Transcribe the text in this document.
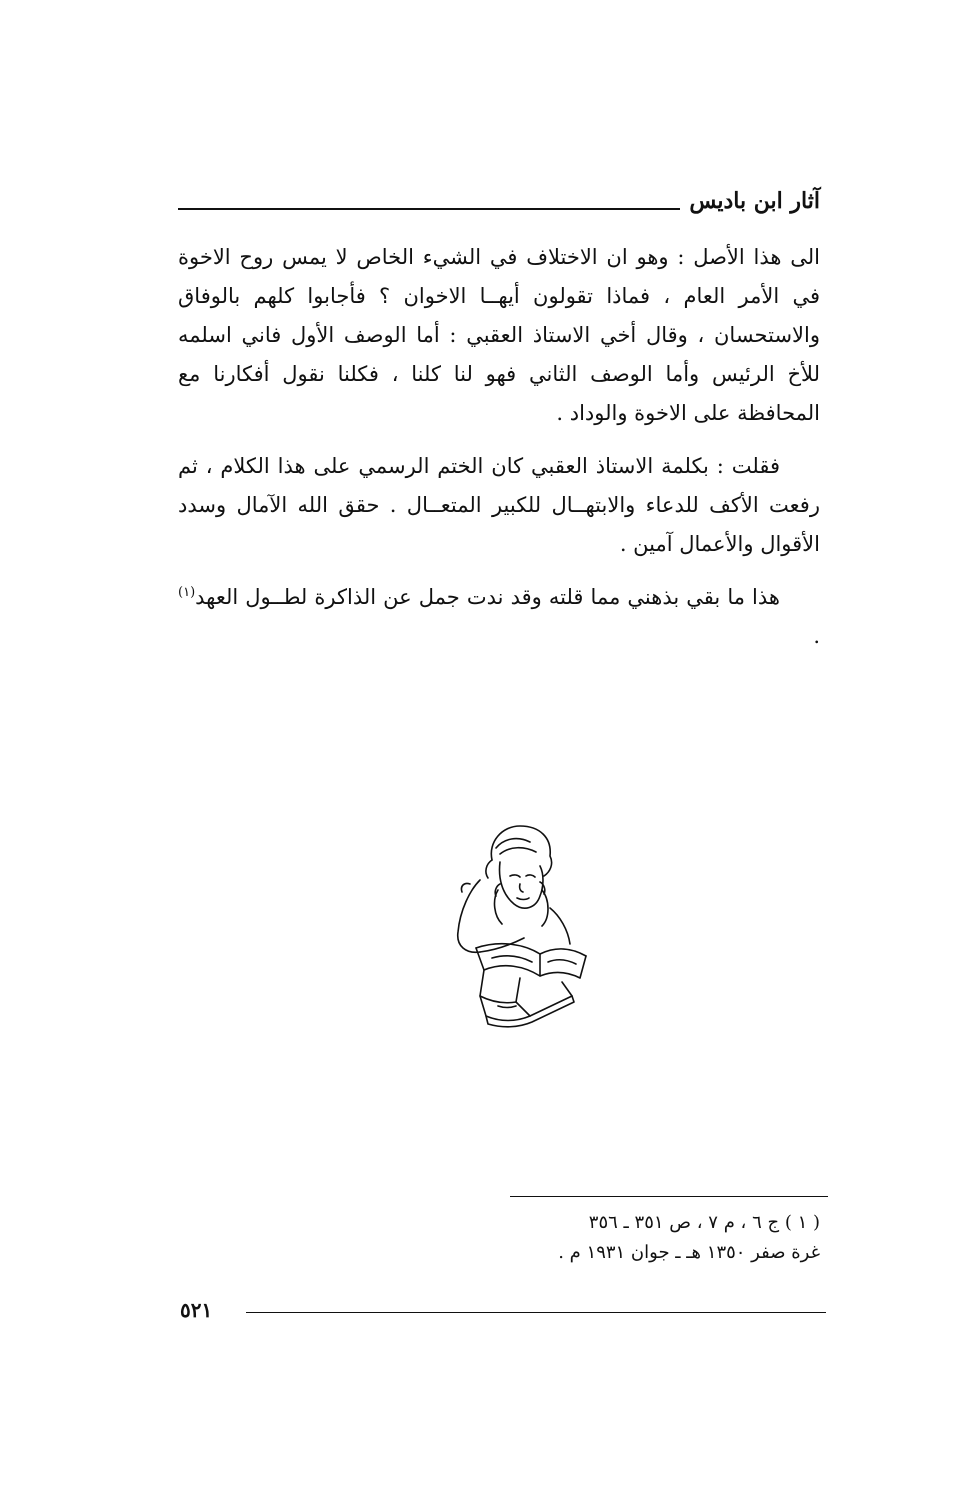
آثار ابن باديس

الى هذا الأصل : وهو ان الاختلاف في الشيء الخاص لا يمس روح الاخوة في الأمر العام ، فماذا تقولون أيهــا الاخوان ؟ فأجابوا كلهم بالوفاق والاستحسان ، وقال أخي الاستاذ العقبي : أما الوصف الأول فاني اسلمه للأخ الرئيس وأما الوصف الثاني فهو لنا كلنا ، فكلنا نقول أفكارنا مع المحافظة على الاخوة والوداد .

فقلت : بكلمة الاستاذ العقبي كان الختم الرسمي على هذا الكلام ، ثم رفعت الأكف للدعاء والابتهــال للكبير المتعــال . حقق الله الآمال وسدد الأقوال والأعمال آمين .

هذا ما بقي بذهني مما قلته وقد ندت جمل عن الذاكرة لطــول العهد$^{(١)}$ .

( ١ ) ج ٦ ، م ٧ ، ص ٣٥١ ـ ٣٥٦
غرة صفر ١٣٥٠ هـ ـ جوان ١٩٣١ م .
٥٢١
